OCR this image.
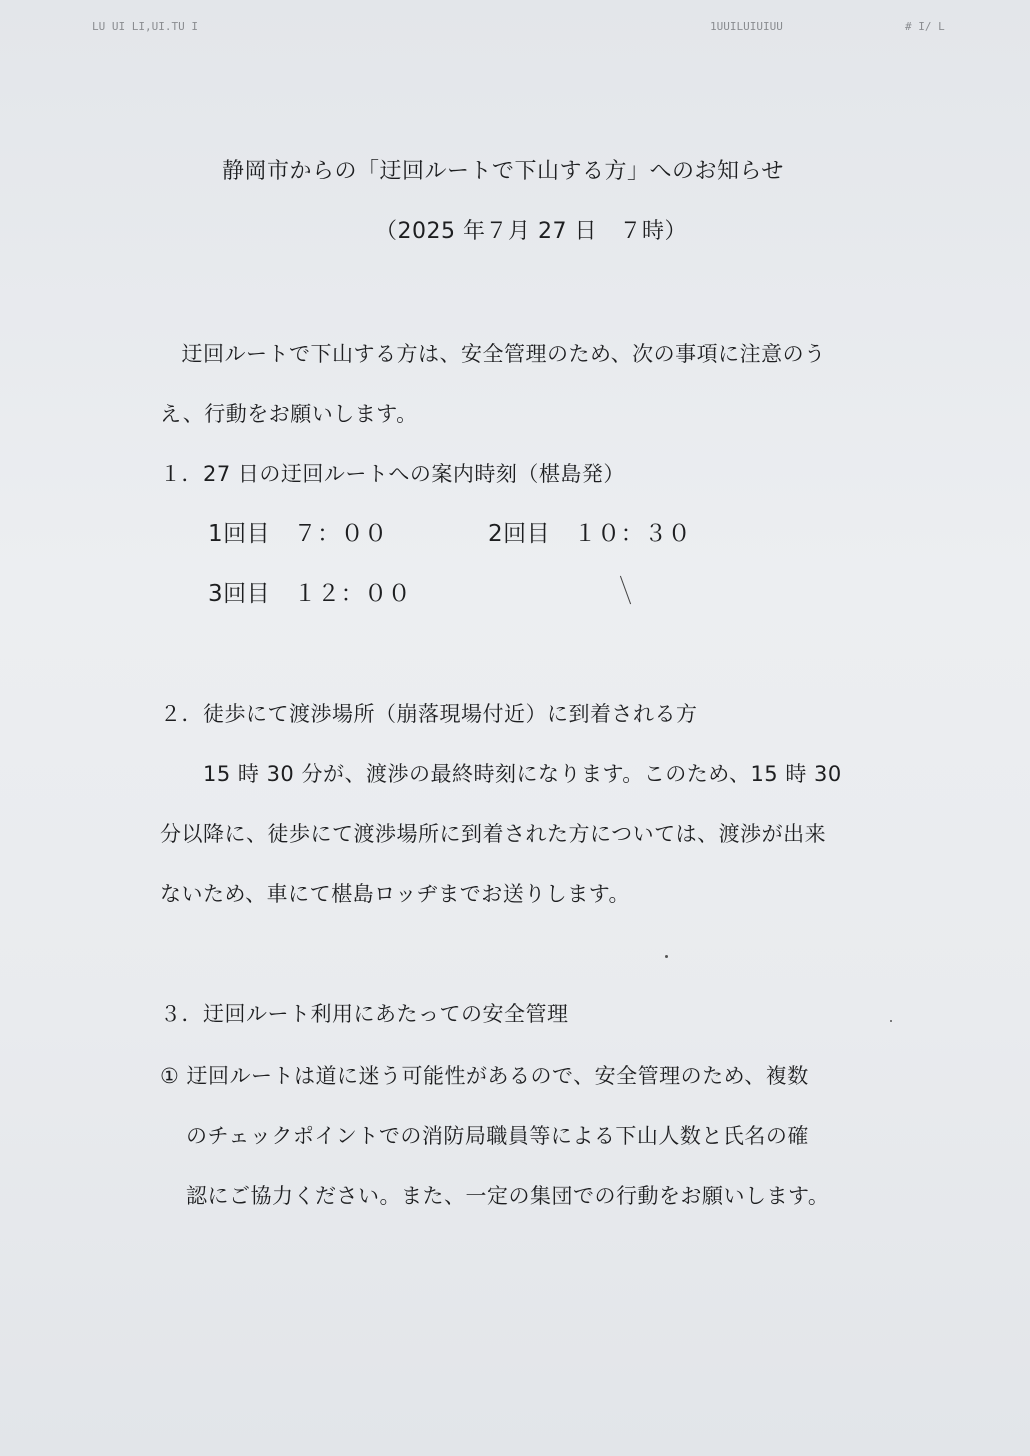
LU UI LI,UI.TU I	1UUILUIUIUU	# I/ L
静岡市からの「迂回ルートで下山する方」へのお知らせ
（2025 年７月 27 日　７時）
　迂回ルートで下山する方は、安全管理のため、次の事項に注意のう
え、行動をお願いします。
１．27 日の迂回ルートへの案内時刻（椹島発）
1回目　７：００	2回目　１０：３０
3回目　１２：００
２．徒歩にて渡渉場所（崩落現場付近）に到着される方
　　15 時 30 分が、渡渉の最終時刻になります。このため、15 時 30
分以降に、徒歩にて渡渉場所に到着された方については、渡渉が出来
ないため、車にて椹島ロッヂまでお送りします。
３．迂回ルート利用にあたっての安全管理
① 迂回ルートは道に迷う可能性があるので、安全管理のため、複数
のチェックポイントでの消防局職員等による下山人数と氏名の確
認にご協力ください。また、一定の集団での行動をお願いします。
